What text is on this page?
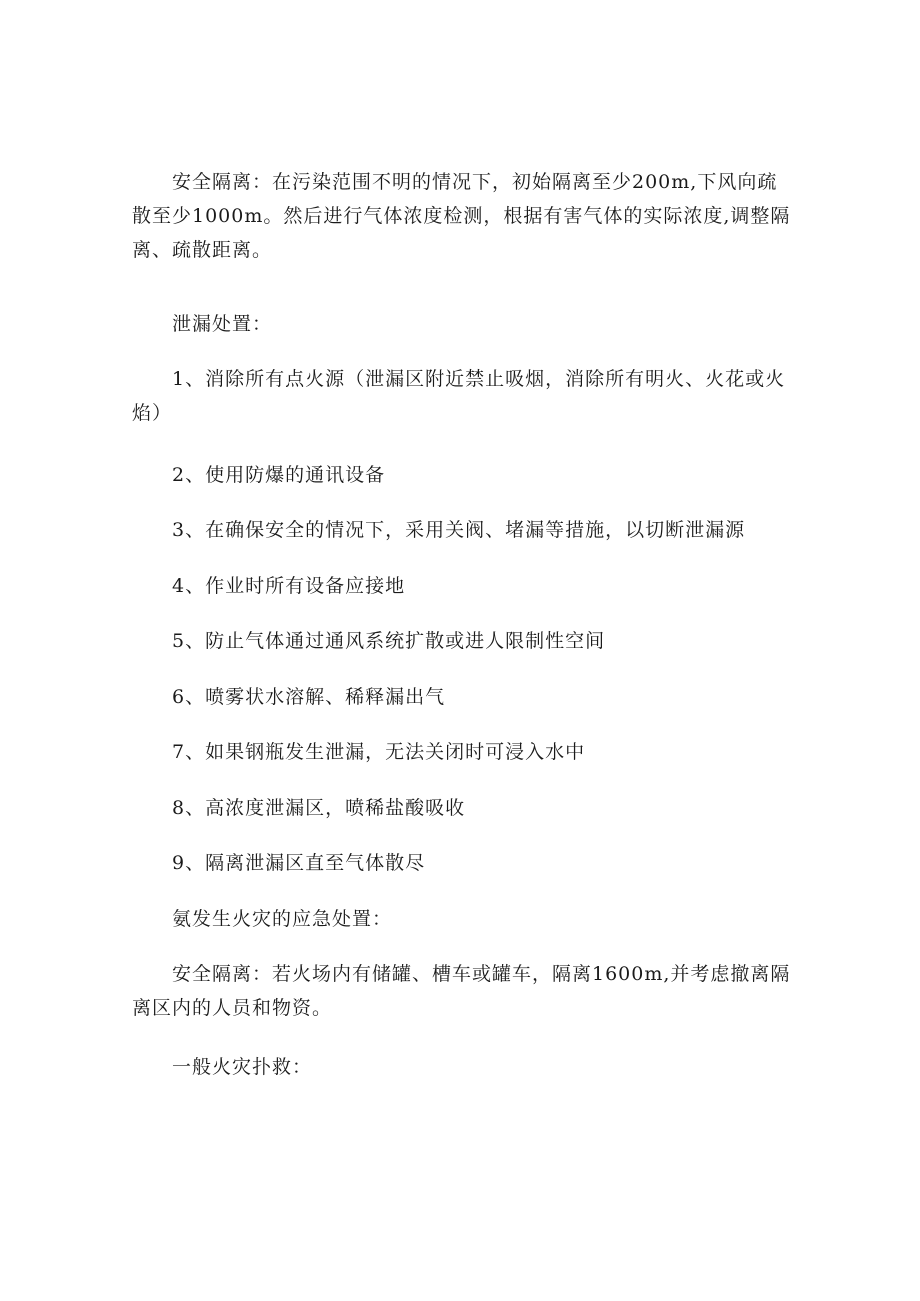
安全隔离：在污染范围不明的情况下，初始隔离至少200m,下风向疏散至少1000m。然后进行气体浓度检测，根据有害气体的实际浓度,调整隔离、疏散距离。

泄漏处置：

1、消除所有点火源（泄漏区附近禁止吸烟，消除所有明火、火花或火焰）

2、使用防爆的通讯设备

3、在确保安全的情况下，采用关阀、堵漏等措施，以切断泄漏源

4、作业时所有设备应接地

5、防止气体通过通风系统扩散或进人限制性空间

6、喷雾状水溶解、稀释漏出气

7、如果钢瓶发生泄漏，无法关闭时可浸入水中

8、高浓度泄漏区，喷稀盐酸吸收

9、隔离泄漏区直至气体散尽

氨发生火灾的应急处置：

安全隔离：若火场内有储罐、槽车或罐车，隔离1600m,并考虑撤离隔离区内的人员和物资。

一般火灾扑救：
